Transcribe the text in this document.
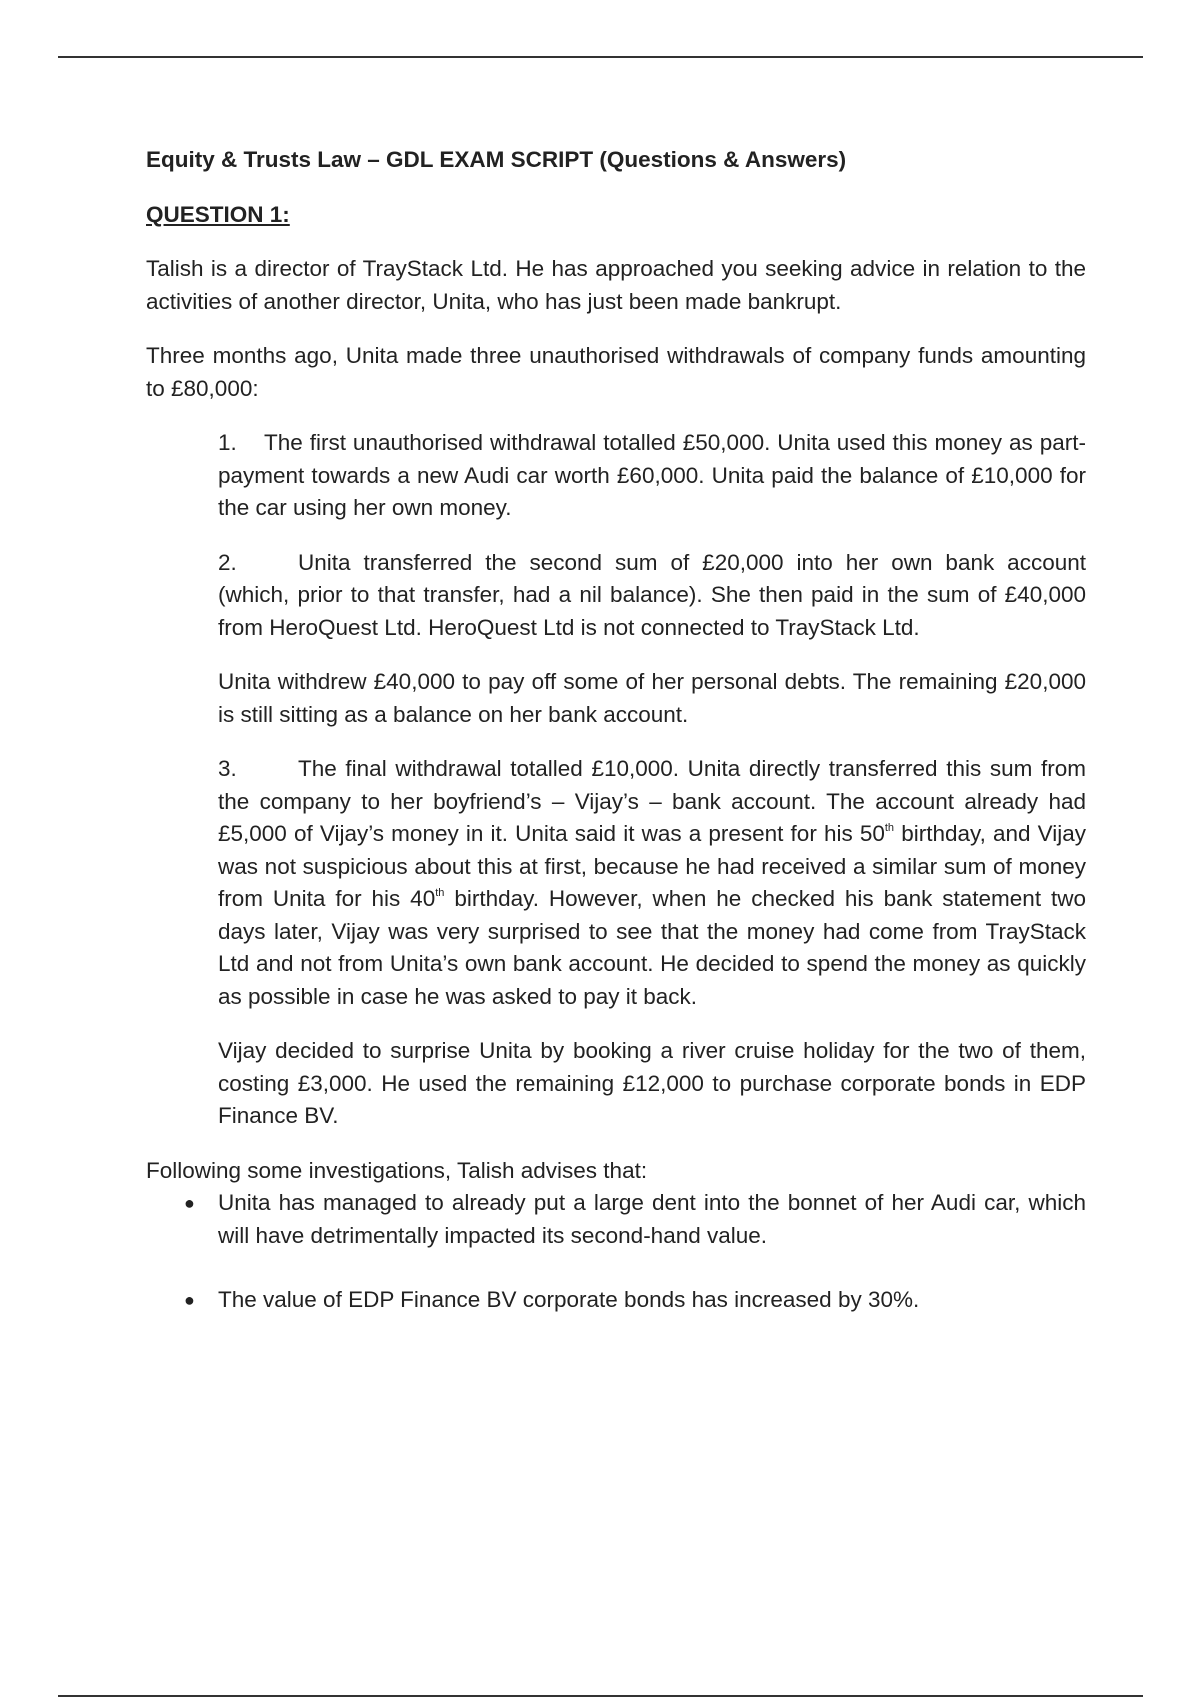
Equity & Trusts Law – GDL EXAM SCRIPT (Questions & Answers)
QUESTION 1:

Talish is a director of TrayStack Ltd. He has approached you seeking advice in relation to the activities of another director, Unita, who has just been made bankrupt.

Three months ago, Unita made three unauthorised withdrawals of company funds amounting to £80,000:

1. The first unauthorised withdrawal totalled £50,000. Unita used this money as part-payment towards a new Audi car worth £60,000. Unita paid the balance of £10,000 for the car using her own money.

2.	Unita transferred the second sum of £20,000 into her own bank account (which, prior to that transfer, had a nil balance). She then paid in the sum of £40,000 from HeroQuest Ltd. HeroQuest Ltd is not connected to TrayStack Ltd.

Unita withdrew £40,000 to pay off some of her personal debts. The remaining £20,000 is still sitting as a balance on her bank account.

3.	The final withdrawal totalled £10,000. Unita directly transferred this sum from the company to her boyfriend’s – Vijay’s – bank account. The account already had £5,000 of Vijay’s money in it. Unita said it was a present for his 50th birthday, and Vijay was not suspicious about this at first, because he had received a similar sum of money from Unita for his 40th birthday. However, when he checked his bank statement two days later, Vijay was very surprised to see that the money had come from TrayStack Ltd and not from Unita’s own bank account. He decided to spend the money as quickly as possible in case he was asked to pay it back.

Vijay decided to surprise Unita by booking a river cruise holiday for the two of them, costing £3,000. He used the remaining £12,000 to purchase corporate bonds in EDP Finance BV.

Following some investigations, Talish advises that:
● Unita has managed to already put a large dent into the bonnet of her Audi car, which will have detrimentally impacted its second-hand value.
● The value of EDP Finance BV corporate bonds has increased by 30%.
